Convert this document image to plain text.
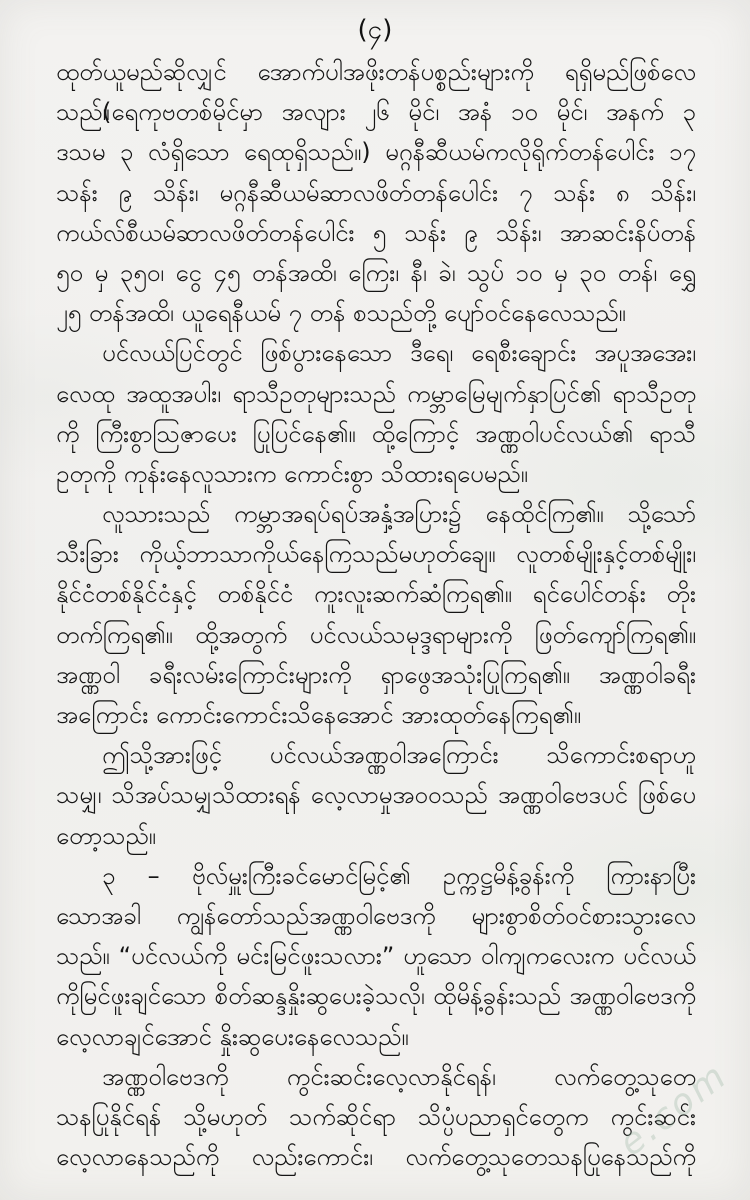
(၄)
ထုတ်ယူမည်ဆိုလျှင် အောက်ပါအဖိုးတန်ပစ္စည်းများကို ရရှိမည်ဖြစ်လေသည်။
(ရေကုဗတစ်မိုင်မှာ အလျား ၂၆ မိုင်၊ အနံ ၁၀ မိုင်၊ အနက် ၃
ဒသမ ၃ လံရှိသော ရေထုရှိသည်။) မဂ္ဂနီဆီယမ်ကလိုရိုက်တန်ပေါင်း ၁၇
သန်း ၉ သိန်း၊ မဂ္ဂနီဆီယမ်ဆာလဖိတ်တန်ပေါင်း ၇ သန်း ၈ သိန်း၊
ကယ်လ်စီယမ်ဆာလဖိတ်တန်ပေါင်း ၅ သန်း ၉ သိန်း၊ အာဆင်းနိပ်တန်
၅၀ မှ ၃၅၀၊ ငွေ ၄၅ တန်အထိ၊ ကြေး၊ နီ၊ ခဲ၊ သွပ် ၁၀ မှ ၃၀ တန်၊ ရွှေ
၂၅ တန်အထိ၊ ယူရေနီယမ် ၇ တန် စသည်တို့ ပျော်ဝင်နေလေသည်။
ပင်လယ်ပြင်တွင် ဖြစ်ပွားနေသော ဒီရေ၊ ရေစီးချောင်း အပူအအေး၊
လေထု အထူအပါး၊ ရာသီဥတုများသည် ကမ္ဘာမြေမျက်နှာပြင်၏ ရာသီဥတု
ကို ကြီးစွာသြဇာပေး ပြုပြင်နေ၏။ ထို့ကြောင့် အဏ္ဏဝါပင်လယ်၏ ရာသီ
ဥတုကို ကုန်းနေလူသားက ကောင်းစွာ သိထားရပေမည်။
လူသားသည် ကမ္ဘာအရပ်ရပ်အနှံ့အပြား၌ နေထိုင်ကြ၏။ သို့သော်
သီးခြား ကိုယ့်ဘာသာကိုယ်နေကြသည်မဟုတ်ချေ။ လူတစ်မျိုးနှင့်တစ်မျိုး၊
နိုင်ငံတစ်နိုင်ငံနှင့် တစ်နိုင်ငံ ကူးလူးဆက်ဆံကြရ၏။ ရင်ပေါင်တန်း တိုး
တက်ကြရ၏။ ထို့အတွက် ပင်လယ်သမုဒ္ဒရာများကို ဖြတ်ကျော်ကြရ၏။
အဏ္ဏဝါ ခရီးလမ်းကြောင်းများကို ရှာဖွေအသုံးပြုကြရ၏။ အဏ္ဏဝါခရီး
အကြောင်း ကောင်းကောင်းသိနေအောင် အားထုတ်နေကြရ၏။
ဤသို့အားဖြင့် ပင်လယ်အဏ္ဏဝါအကြောင်း သိကောင်းစရာဟူ
သမျှ၊ သိအပ်သမျှသိထားရန် လေ့လာမှုအဝဝသည် အဏ္ဏဝါဗေဒပင် ဖြစ်ပေ
တော့သည်။
၃ – ဗိုလ်မှူးကြီးခင်မောင်မြင့်၏ ဥက္ကဋ္ဌမိန့်ခွန်းကို ကြားနာပြီး
သောအခါ ကျွန်တော်သည်အဏ္ဏဝါဗေဒကို များစွာစိတ်ဝင်စားသွားလေ
သည်။ “ပင်လယ်ကို မင်းမြင်ဖူးသလား” ဟူသော ဝါကျကလေးက ပင်လယ်
ကိုမြင်ဖူးချင်သော စိတ်ဆန္ဒနှိုးဆွပေးခဲ့သလို၊ ထိုမိန့်ခွန်းသည် အဏ္ဏဝါဗေဒကို
လေ့လာချင်အောင် နှိုးဆွပေးနေလေသည်။
အဏ္ဏဝါဗေဒကို ကွင်းဆင်းလေ့လာနိုင်ရန်၊ လက်တွေ့သုတေ
သနပြုနိုင်ရန် သို့မဟုတ် သက်ဆိုင်ရာ သိပ္ပံပညာရှင်တွေက ကွင်းဆင်း
လေ့လာနေသည်ကို လည်းကောင်း၊ လက်တွေ့သုတေသနပြုနေသည်ကို
e.com
